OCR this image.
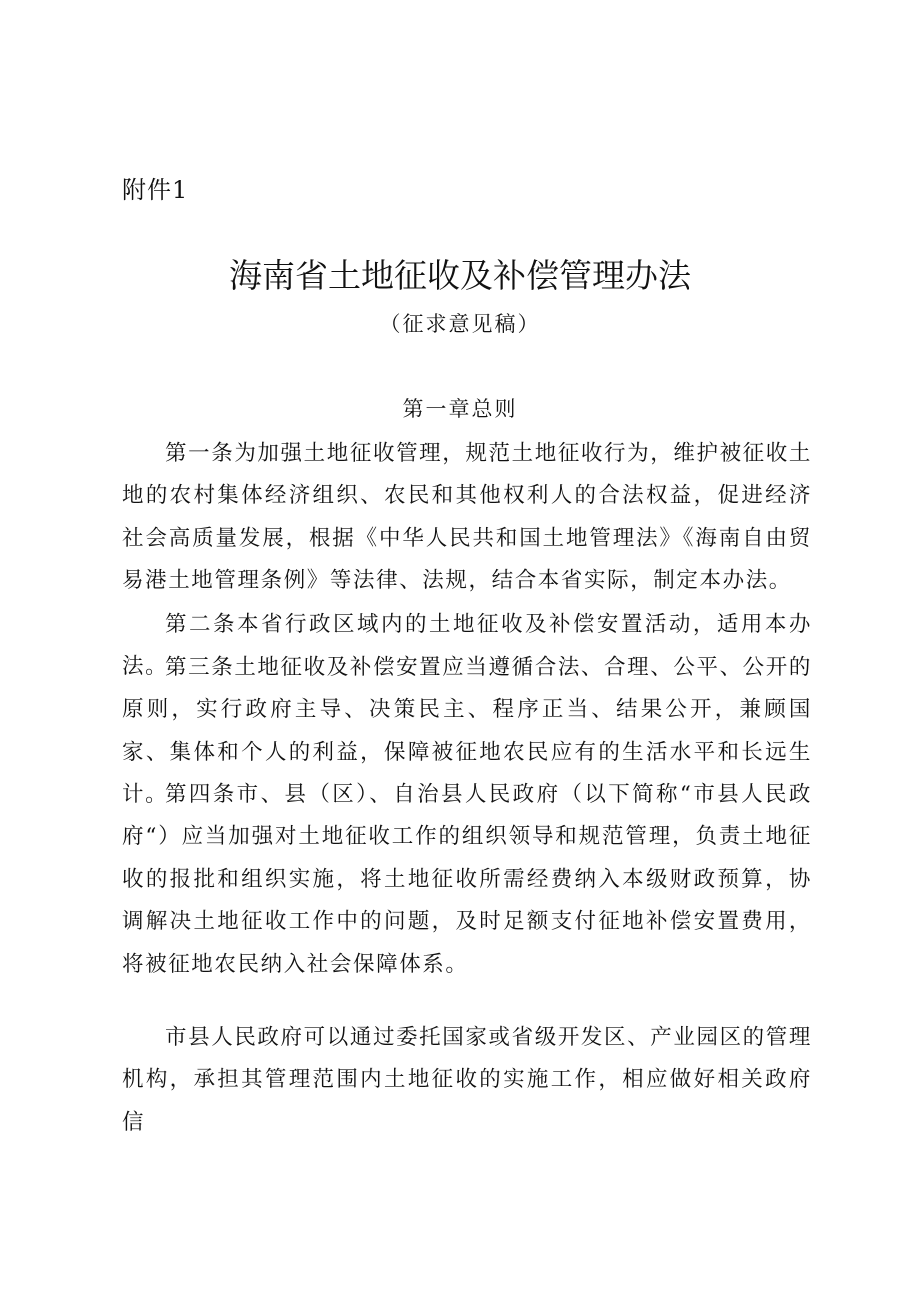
附件1
海南省土地征收及补偿管理办法
（征求意见稿）
第一章总则

第一条为加强土地征收管理，规范土地征收行为，维护被征收土地的农村集体经济组织、农民和其他权利人的合法权益，促进经济社会高质量发展，根据《中华人民共和国土地管理法》《海南自由贸易港土地管理条例》等法律、法规，结合本省实际，制定本办法。

第二条本省行政区域内的土地征收及补偿安置活动，适用本办法。

第三条土地征收及补偿安置应当遵循合法、合理、公平、公开的原则，实行政府主导、决策民主、程序正当、结果公开，兼顾国家、集体和个人的利益，保障被征地农民应有的生活水平和长远生计。

第四条市、县（区）、自治县人民政府（以下简称“市县人民政府“）应当加强对土地征收工作的组织领导和规范管理，负责土地征收的报批和组织实施，将土地征收所需经费纳入本级财政预算，协调解决土地征收工作中的问题，及时足额支付征地补偿安置费用，将被征地农民纳入社会保障体系。

市县人民政府可以通过委托国家或省级开发区、产业园区的管理机构，承担其管理范围内土地征收的实施工作，相应做好相关政府信
